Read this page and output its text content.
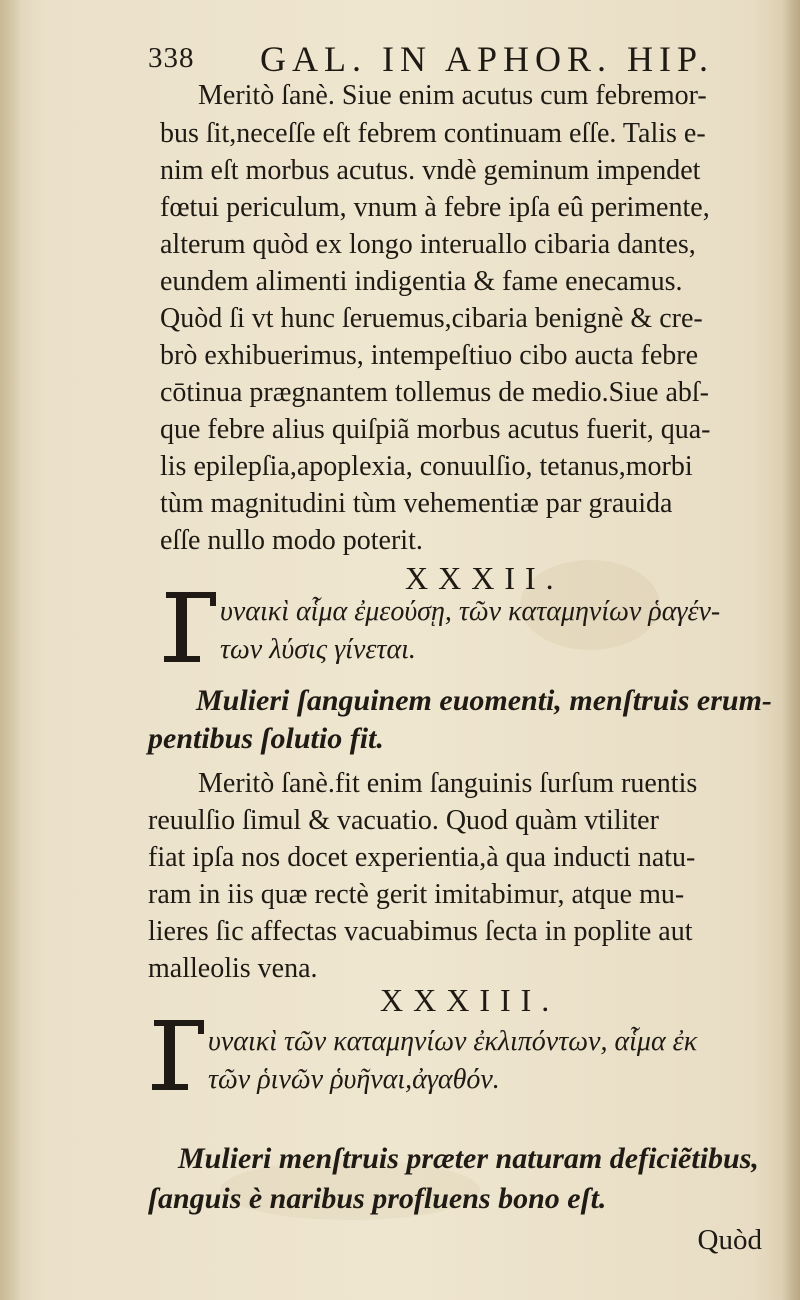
338 GAL. IN APHOR. HIP.
Meritò ſanè. Siue enim acutus cum febremor-
bus ſit,neceſſe eſt febrem continuam eſſe. Talis e-
nim eſt morbus acutus. vndè geminum impendet
fœtui periculum, vnum à febre ipſa eû perimente,
alterum quòd ex longo interuallo cibaria dantes,
eundem alimenti indigentia & fame enecamus.
Quòd ſi vt hunc ſeruemus,cibaria benignè & cre-
brò exhibuerimus, intempeſtiuo cibo aucta febre
cōtinua prægnantem tollemus de medio.Siue abſ-
que febre alius quiſpiã morbus acutus fuerit, qua-
lis epilepſia,apoplexia, conuulſio, tetanus,morbi
tùm magnitudini tùm vehementiæ par grauida
eſſe nullo modo poterit.
XXXII.
υναικὶ αἷμα ἐμεούσῃ, τῶν καταμηνίων ῥαγέν-
των λύσις γίνεται.
Mulieri ſanguinem euomenti, menſtruis erum-
pentibus ſolutio fit.
Meritò ſanè.fit enim ſanguinis ſurſum ruentis
reuulſio ſimul & vacuatio. Quod quàm vtiliter
fiat ipſa nos docet experientia,à qua inducti natu-
ram in iis quæ rectè gerit imitabimur, atque mu-
lieres ſic affectas vacuabimus ſecta in poplite aut
malleolis vena.
XXXIII.
υναικὶ τῶν καταμηνίων ἐκλιπόντων, αἷμα ἐκ
τῶν ῥινῶν ῥυῆναι,ἀγαθόν.
Mulieri menſtruis præter naturam deficiẽtibus,
ſanguis è naribus profluens bono eſt.
Quòd
